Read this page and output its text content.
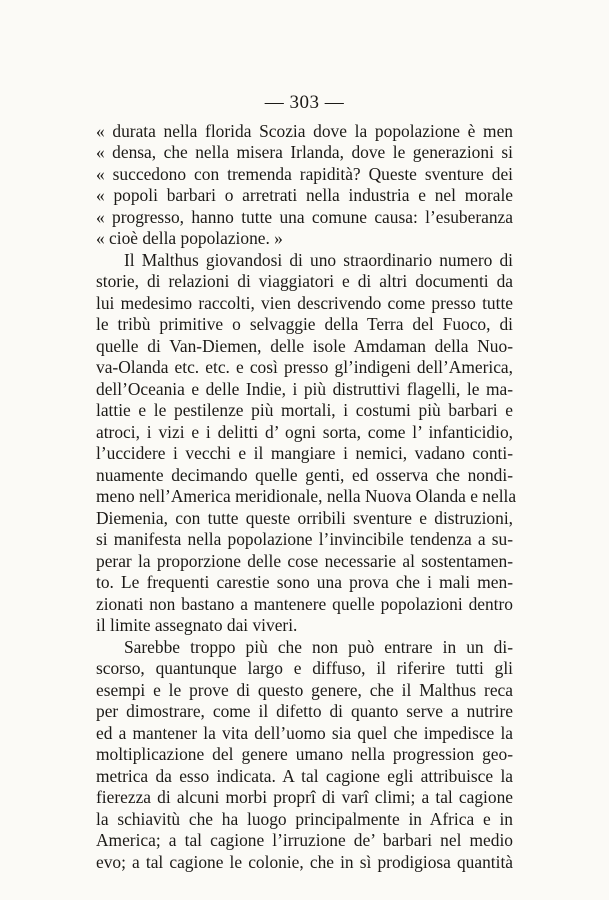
— 303 —
« durata nella florida Scozia dove la popolazione è men
« densa, che nella misera Irlanda, dove le generazioni si
« succedono con tremenda rapidità? Queste sventure dei
« popoli barbari o arretrati nella industria e nel morale
« progresso, hanno tutte una comune causa: l’esuberanza
« cioè della popolazione. »
Il Malthus giovandosi di uno straordinario numero di
storie, di relazioni di viaggiatori e di altri documenti da
lui medesimo raccolti, vien descrivendo come presso tutte
le tribù primitive o selvaggie della Terra del Fuoco, di
quelle di Van-Diemen, delle isole Amdaman della Nuo-
va-Olanda etc. etc. e così presso gl’indigeni dell’America,
dell’Oceania e delle Indie, i più distruttivi flagelli, le ma-
lattie e le pestilenze più mortali, i costumi più barbari e
atroci, i vizi e i delitti d’ ogni sorta, come l’ infanticidio,
l’uccidere i vecchi e il mangiare i nemici, vadano conti-
nuamente decimando quelle genti, ed osserva che nondi-
meno nell’America meridionale, nella Nuova Olanda e nella
Diemenia, con tutte queste orribili sventure e distruzioni,
si manifesta nella popolazione l’invincibile tendenza a su-
perar la proporzione delle cose necessarie al sostentamen-
to. Le frequenti carestie sono una prova che i mali men-
zionati non bastano a mantenere quelle popolazioni dentro
il limite assegnato dai viveri.
Sarebbe troppo più che non può entrare in un di-
scorso, quantunque largo e diffuso, il riferire tutti gli
esempi e le prove di questo genere, che il Malthus reca
per dimostrare, come il difetto di quanto serve a nutrire
ed a mantener la vita dell’uomo sia quel che impedisce la
moltiplicazione del genere umano nella progression geo-
metrica da esso indicata. A tal cagione egli attribuisce la
fierezza di alcuni morbi proprî di varî climi; a tal cagione
la schiavitù che ha luogo principalmente in Africa e in
America; a tal cagione l’irruzione de’ barbari nel medio
evo; a tal cagione le colonie, che in sì prodigiosa quantità
